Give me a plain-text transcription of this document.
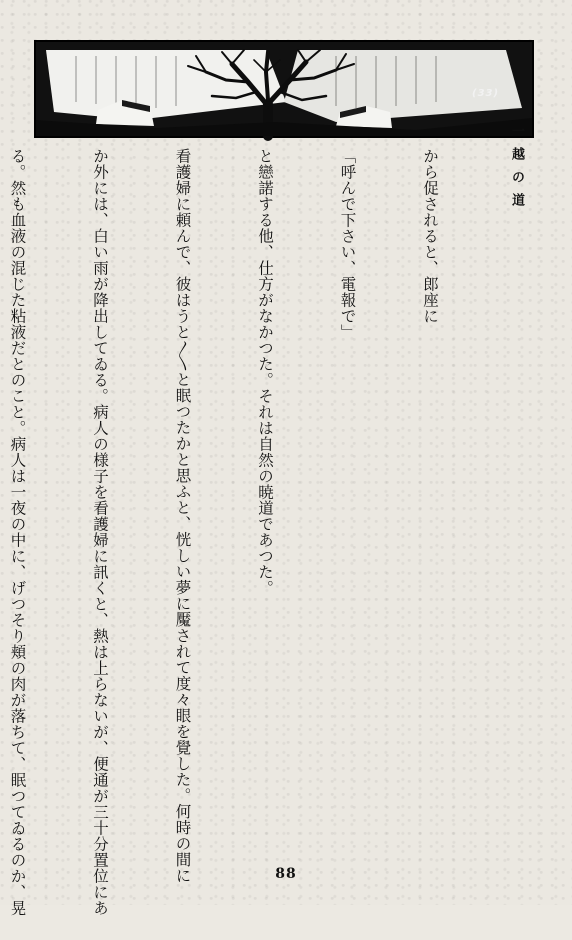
(33)
一越の道

から促されると、郎座に

「呼んで下さい、電報で」

と戀諾する他、仕方がなかつた。それは自然の暁道であつた。

看護婦に頼んで、彼はうと〳〵と眠つたかと思ふと、恍しい夢に魘されて度々眼を覺した。何時の間に

か外には、白い雨が降出してゐる。病人の様子を看護婦に訊くと、熱は上らないが、便通が三十分置位にあ

る。然も血液の混じた粘液だとのこと。病人は一夜の中に、げつそり頬の肉が落ちて、眠つてゐるのか、晃

	88
